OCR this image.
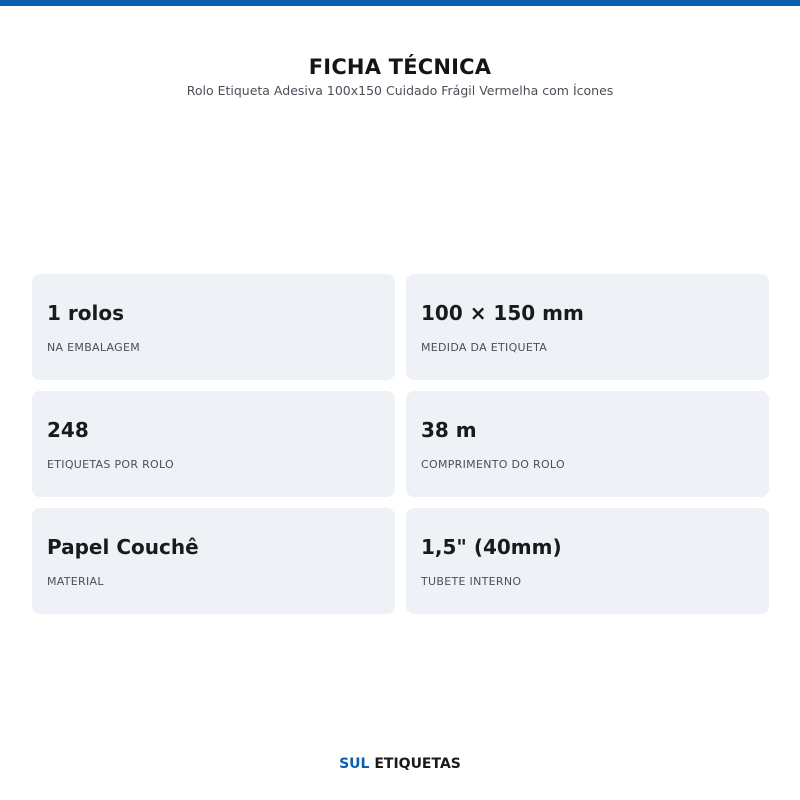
FICHA TÉCNICA
Rolo Etiqueta Adesiva 100x150 Cuidado Frágil Vermelha com Ícones
1 rolos
NA EMBALAGEM
100 × 150 mm
MEDIDA DA ETIQUETA
248
ETIQUETAS POR ROLO
38 m
COMPRIMENTO DO ROLO
Papel Couchê
MATERIAL
1,5" (40mm)
TUBETE INTERNO
SUL ETIQUETAS
